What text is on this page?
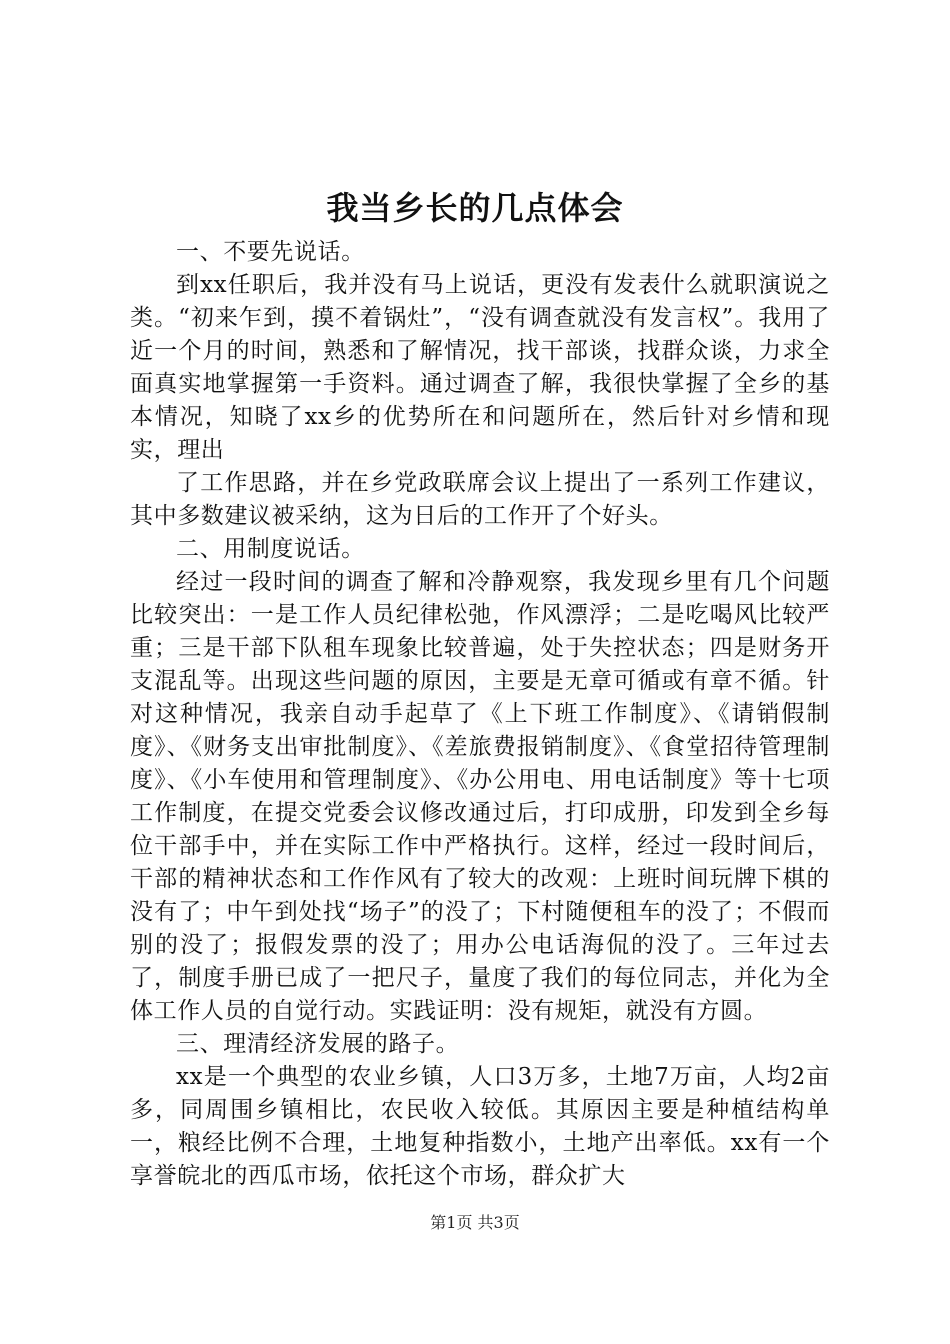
我当乡长的几点体会

一、不要先说话。

到xx任职后，我并没有马上说话，更没有发表什么就职演说之类。“初来乍到，摸不着锅灶”，“没有调查就没有发言权”。我用了近一个月的时间，熟悉和了解情况，找干部谈，找群众谈，力求全面真实地掌握第一手资料。通过调查了解，我很快掌握了全乡的基本情况，知晓了xx乡的优势所在和问题所在，然后针对乡情和现实，理出

了工作思路，并在乡党政联席会议上提出了一系列工作建议，其中多数建议被采纳，这为日后的工作开了个好头。

二、用制度说话。

经过一段时间的调查了解和冷静观察，我发现乡里有几个问题比较突出：一是工作人员纪律松弛，作风漂浮；二是吃喝风比较严重；三是干部下队租车现象比较普遍，处于失控状态；四是财务开支混乱等。出现这些问题的原因，主要是无章可循或有章不循。针对这种情况，我亲自动手起草了《上下班工作制度》、《请销假制度》、《财务支出审批制度》、《差旅费报销制度》、《食堂招待管理制度》、《小车使用和管理制度》、《办公用电、用电话制度》等十七项工作制度，在提交党委会议修改通过后，打印成册，印发到全乡每位干部手中，并在实际工作中严格执行。这样，经过一段时间后，干部的精神状态和工作作风有了较大的改观：上班时间玩牌下棋的没有了；中午到处找“场子”的没了；下村随便租车的没了；不假而别的没了；报假发票的没了；用办公电话海侃的没了。三年过去了，制度手册已成了一把尺子，量度了我们的每位同志，并化为全体工作人员的自觉行动。实践证明：没有规矩，就没有方圆。

三、理清经济发展的路子。

xx是一个典型的农业乡镇，人口3万多，土地7万亩，人均2亩多，同周围乡镇相比，农民收入较低。其原因主要是种植结构单一，粮经比例不合理，土地复种指数小，土地产出率低。xx有一个享誉皖北的西瓜市场，依托这个市场，群众扩大

第1页 共3页
